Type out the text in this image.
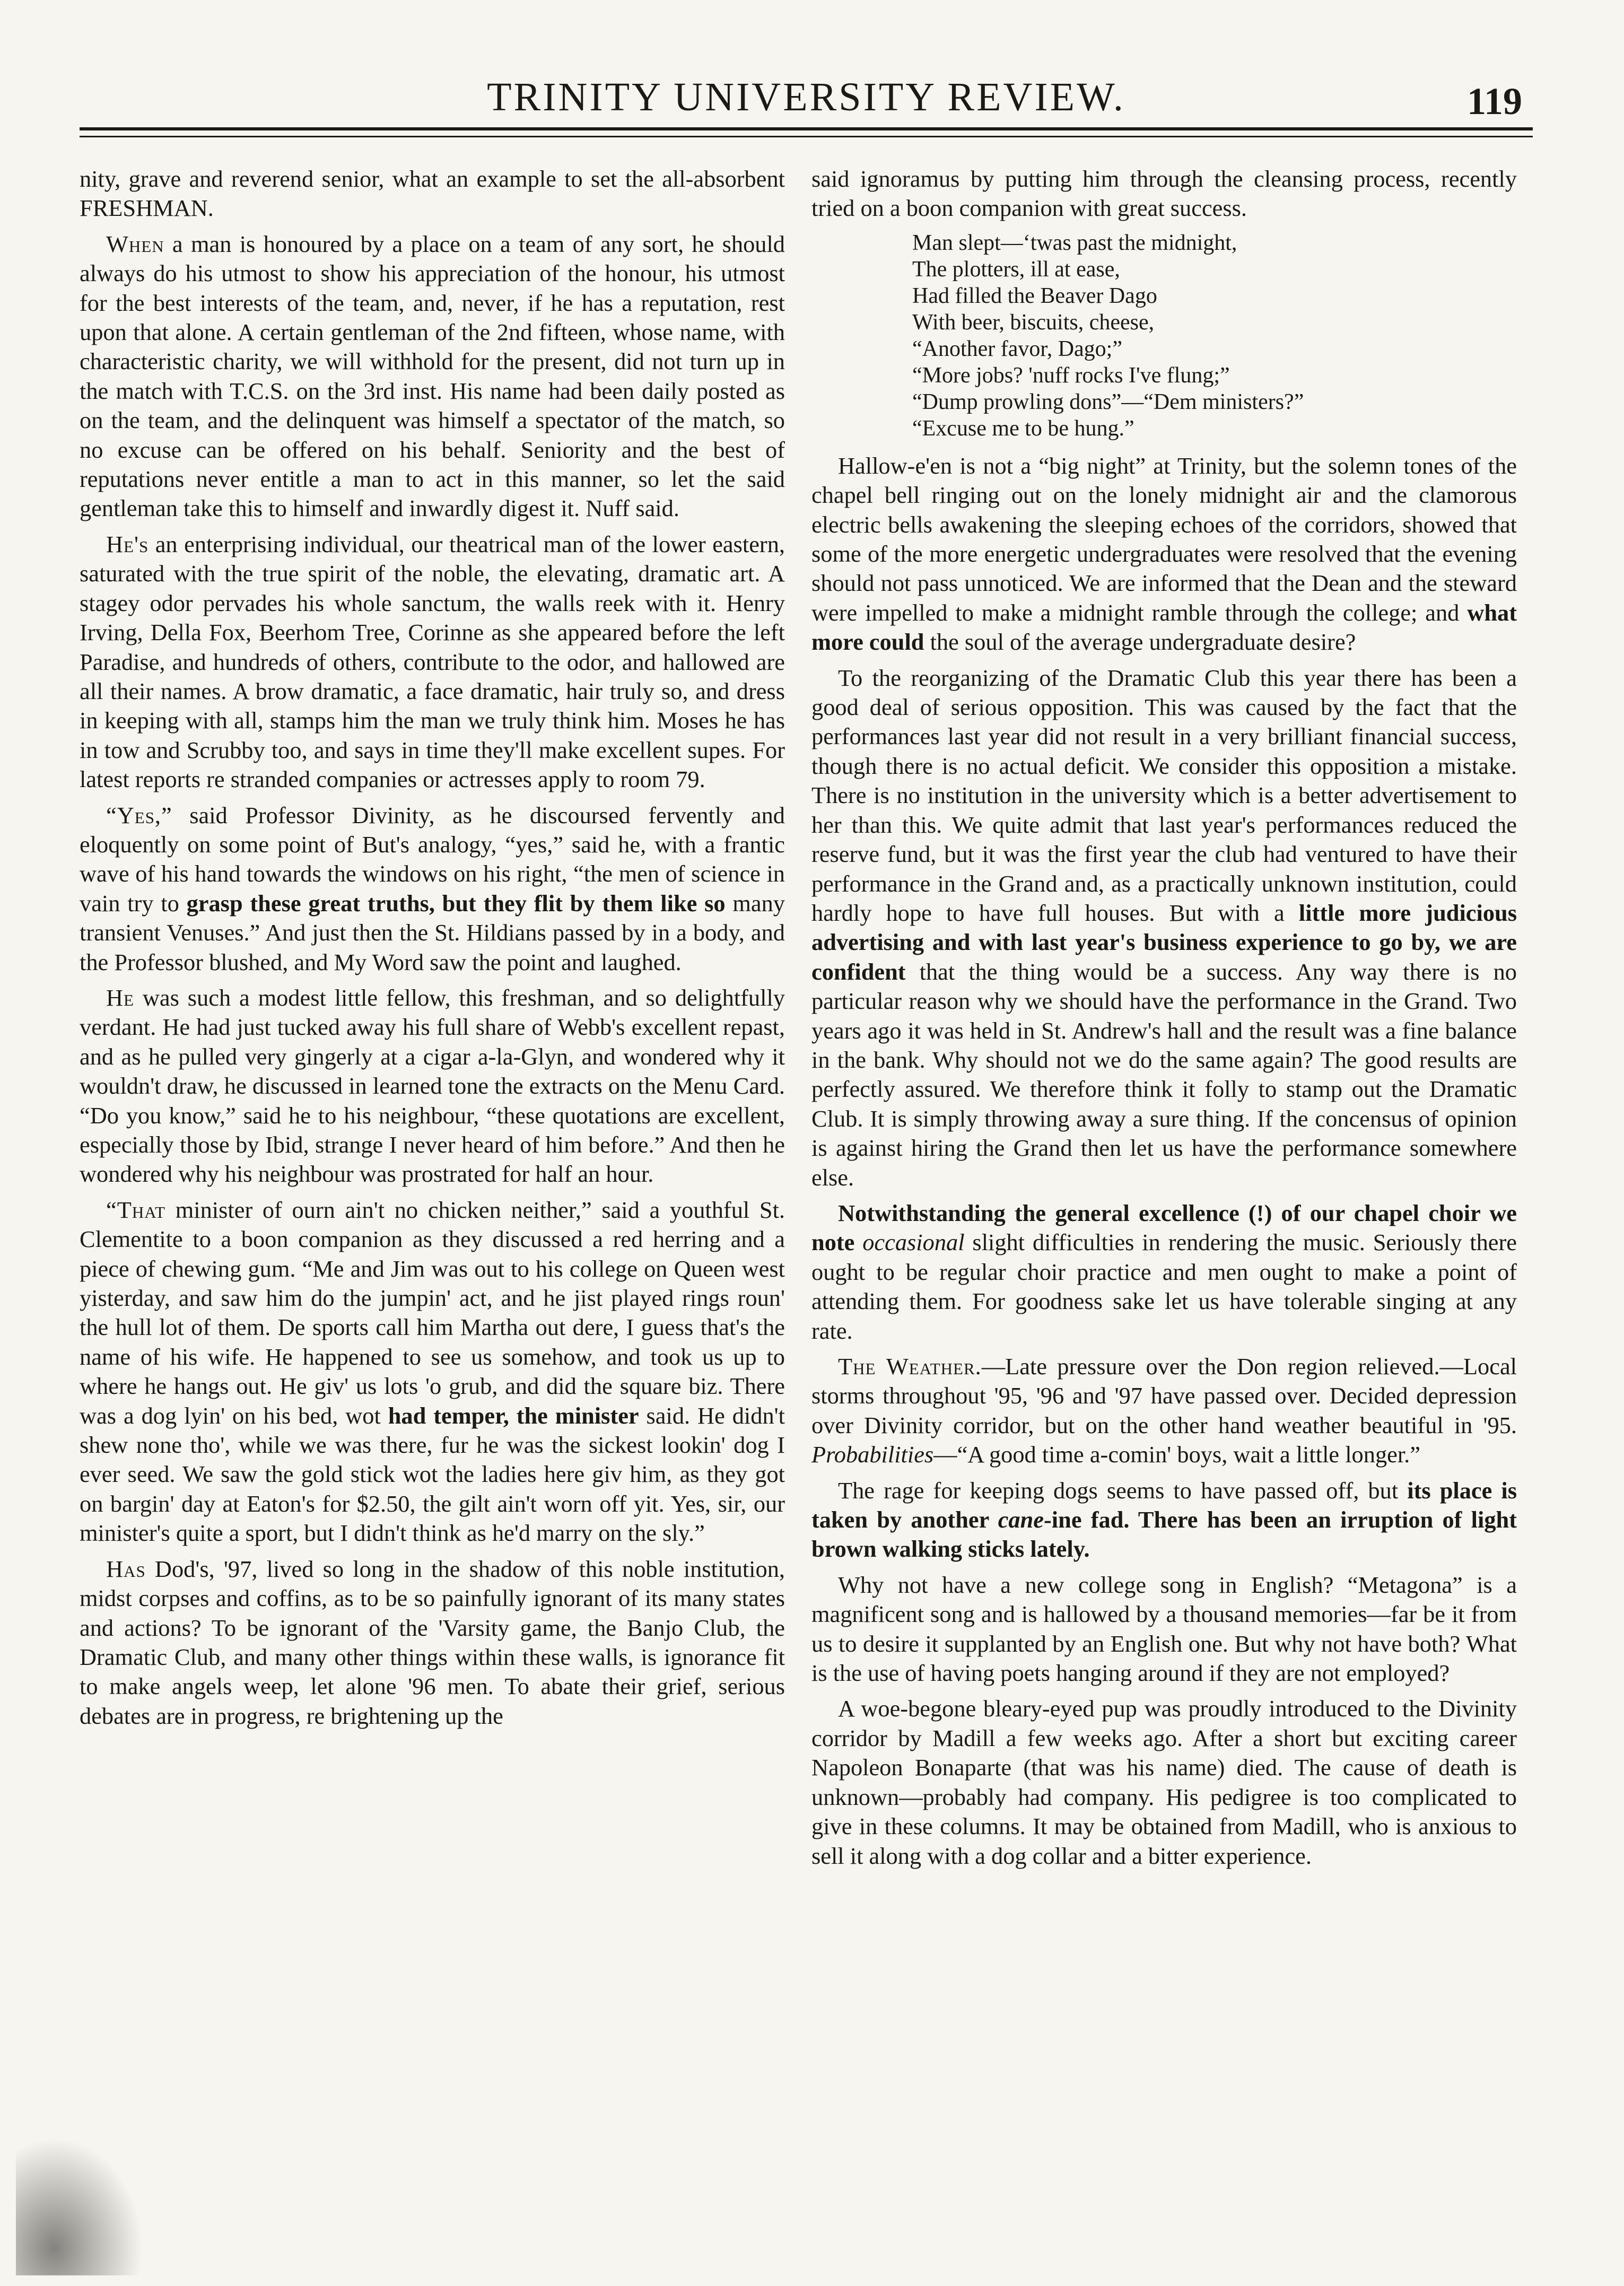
TRINITY UNIVERSITY REVIEW.	119

nity, grave and reverend senior, what an example to set the all-absorbent FRESHMAN.

When a man is honoured by a place on a team of any sort, he should always do his utmost to show his appreciation of the honour, his utmost for the best interests of the team, and, never, if he has a reputation, rest upon that alone. A certain gentleman of the 2nd fifteen, whose name, with characteristic charity, we will withhold for the present, did not turn up in the match with T.C.S. on the 3rd inst. His name had been daily posted as on the team, and the delinquent was himself a spectator of the match, so no excuse can be offered on his behalf. Seniority and the best of reputations never entitle a man to act in this manner, so let the said gentleman take this to himself and inwardly digest it. Nuff said.

He's an enterprising individual, our theatrical man of the lower eastern, saturated with the true spirit of the noble, the elevating, dramatic art. A stagey odor pervades his whole sanctum, the walls reek with it. Henry Irving, Della Fox, Beerhom Tree, Corinne as she appeared before the left Paradise, and hundreds of others, contribute to the odor, and hallowed are all their names. A brow dramatic, a face dramatic, hair truly so, and dress in keeping with all, stamps him the man we truly think him. Moses he has in tow and Scrubby too, and says in time they'll make excellent supes. For latest reports re stranded companies or actresses apply to room 79.

“Yes,” said Professor Divinity, as he discoursed fervently and eloquently on some point of But's analogy, “yes,” said he, with a frantic wave of his hand towards the windows on his right, “the men of science in vain try to grasp these great truths, but they flit by them like so many transient Venuses.” And just then the St. Hildians passed by in a body, and the Professor blushed, and My Word saw the point and laughed.

He was such a modest little fellow, this freshman, and so delightfully verdant. He had just tucked away his full share of Webb's excellent repast, and as he pulled very gingerly at a cigar a-la-Glyn, and wondered why it wouldn't draw, he discussed in learned tone the extracts on the Menu Card. “Do you know,” said he to his neighbour, “these quotations are excellent, especially those by Ibid, strange I never heard of him before.” And then he wondered why his neighbour was prostrated for half an hour.

“That minister of ourn ain't no chicken neither,” said a youthful St. Clementite to a boon companion as they discussed a red herring and a piece of chewing gum. “Me and Jim was out to his college on Queen west yisterday, and saw him do the jumpin' act, and he jist played rings roun' the hull lot of them. De sports call him Martha out dere, I guess that's the name of his wife. He happened to see us somehow, and took us up to where he hangs out. He giv' us lots 'o grub, and did the square biz. There was a dog lyin' on his bed, wot had temper, the minister said. He didn't shew none tho', while we was there, fur he was the sickest lookin' dog I ever seed. We saw the gold stick wot the ladies here giv him, as they got on bargin' day at Eaton's for $2.50, the gilt ain't worn off yit. Yes, sir, our minister's quite a sport, but I didn't think as he'd marry on the sly.”

Has Dod's, '97, lived so long in the shadow of this noble institution, midst corpses and coffins, as to be so painfully ignorant of its many states and actions? To be ignorant of the 'Varsity game, the Banjo Club, the Dramatic Club, and many other things within these walls, is ignorance fit to make angels weep, let alone '96 men. To abate their grief, serious debates are in progress, re brightening up the

said ignoramus by putting him through the cleansing process, recently tried on a boon companion with great success.

Man slept—‘twas past the midnight,
The plotters, ill at ease,
Had filled the Beaver Dago
With beer, biscuits, cheese,
“Another favor, Dago;”
“More jobs? 'nuff rocks I've flung;”
“Dump prowling dons”—“Dem ministers?”
“Excuse me to be hung.”

Hallow-e'en is not a “big night” at Trinity, but the solemn tones of the chapel bell ringing out on the lonely midnight air and the clamorous electric bells awakening the sleeping echoes of the corridors, showed that some of the more energetic undergraduates were resolved that the evening should not pass unnoticed. We are informed that the Dean and the steward were impelled to make a midnight ramble through the college; and what more could the soul of the average undergraduate desire?

To the reorganizing of the Dramatic Club this year there has been a good deal of serious opposition. This was caused by the fact that the performances last year did not result in a very brilliant financial success, though there is no actual deficit. We consider this opposition a mistake. There is no institution in the university which is a better advertisement to her than this. We quite admit that last year's performances reduced the reserve fund, but it was the first year the club had ventured to have their performance in the Grand and, as a practically unknown institution, could hardly hope to have full houses. But with a little more judicious advertising and with last year's business experience to go by, we are confident that the thing would be a success. Any way there is no particular reason why we should have the performance in the Grand. Two years ago it was held in St. Andrew's hall and the result was a fine balance in the bank. Why should not we do the same again? The good results are perfectly assured. We therefore think it folly to stamp out the Dramatic Club. It is simply throwing away a sure thing. If the concensus of opinion is against hiring the Grand then let us have the performance somewhere else.

Notwithstanding the general excellence (!) of our chapel choir we note occasional slight difficulties in rendering the music. Seriously there ought to be regular choir practice and men ought to make a point of attending them. For goodness sake let us have tolerable singing at any rate.

The Weather.—Late pressure over the Don region relieved.—Local storms throughout '95, '96 and '97 have passed over. Decided depression over Divinity corridor, but on the other hand weather beautiful in '95. Probabilities—“A good time a-comin' boys, wait a little longer.”

The rage for keeping dogs seems to have passed off, but its place is taken by another cane-ine fad. There has been an irruption of light brown walking sticks lately.

Why not have a new college song in English? “Metagona” is a magnificent song and is hallowed by a thousand memories—far be it from us to desire it supplanted by an English one. But why not have both? What is the use of having poets hanging around if they are not employed?

A woe-begone bleary-eyed pup was proudly introduced to the Divinity corridor by Madill a few weeks ago. After a short but exciting career Napoleon Bonaparte (that was his name) died. The cause of death is unknown—probably had company. His pedigree is too complicated to give in these columns. It may be obtained from Madill, who is anxious to sell it along with a dog collar and a bitter experience.
